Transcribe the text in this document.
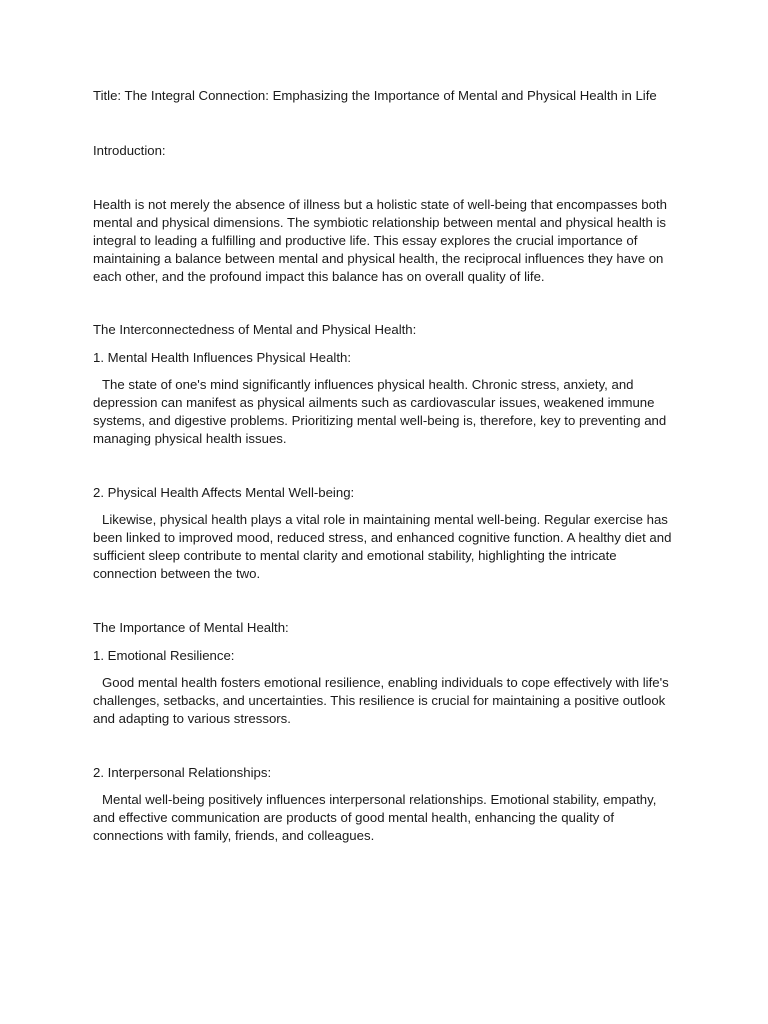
Title: The Integral Connection: Emphasizing the Importance of Mental and Physical Health in Life

Introduction:

Health is not merely the absence of illness but a holistic state of well-being that encompasses both mental and physical dimensions. The symbiotic relationship between mental and physical health is integral to leading a fulfilling and productive life. This essay explores the crucial importance of maintaining a balance between mental and physical health, the reciprocal influences they have on each other, and the profound impact this balance has on overall quality of life.

The Interconnectedness of Mental and Physical Health:

1. Mental Health Influences Physical Health:

The state of one's mind significantly influences physical health. Chronic stress, anxiety, and depression can manifest as physical ailments such as cardiovascular issues, weakened immune systems, and digestive problems. Prioritizing mental well-being is, therefore, key to preventing and managing physical health issues.

2. Physical Health Affects Mental Well-being:

Likewise, physical health plays a vital role in maintaining mental well-being. Regular exercise has been linked to improved mood, reduced stress, and enhanced cognitive function. A healthy diet and sufficient sleep contribute to mental clarity and emotional stability, highlighting the intricate connection between the two.

The Importance of Mental Health:

1. Emotional Resilience:

Good mental health fosters emotional resilience, enabling individuals to cope effectively with life's challenges, setbacks, and uncertainties. This resilience is crucial for maintaining a positive outlook and adapting to various stressors.

2. Interpersonal Relationships:

Mental well-being positively influences interpersonal relationships. Emotional stability, empathy, and effective communication are products of good mental health, enhancing the quality of connections with family, friends, and colleagues.
